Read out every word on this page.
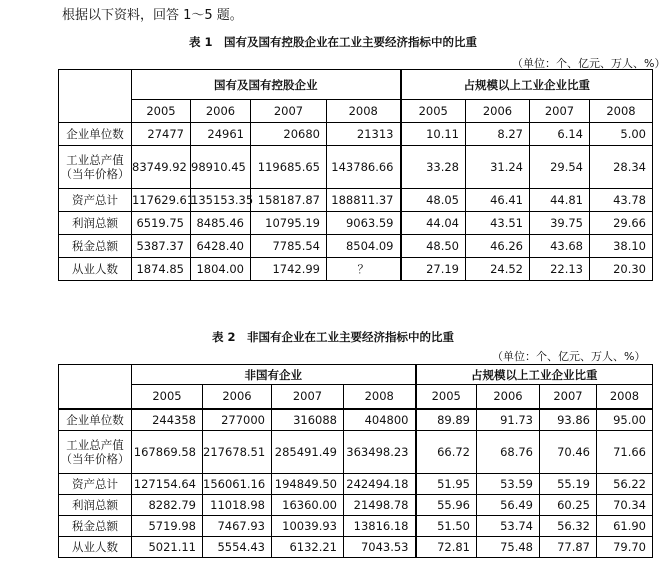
根据以下资料，回答 1～5 题。
表 1　国有及国有控股企业在工业主要经济指标中的比重
（单位：个、亿元、万人、%）
	国有及国有控股企业				占规模以上工业企业比重			
	2005	2006	2007	2008	2005	2006	2007	2008
企业单位数	27477	24961	20680	21313	10.11	8.27	6.14	5.00
工业总产值
（当年价格）	83749.92	98910.45	119685.65	143786.66	33.28	31.24	29.54	28.34
资产总计	117629.61	135153.35	158187.87	188811.37	48.05	46.41	44.81	43.78
利润总额	6519.75	8485.46	10795.19	9063.59	44.04	43.51	39.75	29.66
税金总额	5387.37	6428.40	7785.54	8504.09	48.50	46.26	43.68	38.10
从业人数	1874.85	1804.00	1742.99	？	27.19	24.52	22.13	20.30
表 2　非国有企业在工业主要经济指标中的比重
（单位：个、亿元、万人、%）
	非国有企业				占规模以上工业企业比重			
	2005	2006	2007	2008	2005	2006	2007	2008
企业单位数	244358	277000	316088	404800	89.89	91.73	93.86	95.00
工业总产值
（当年价格）	167869.58	217678.51	285491.49	363498.23	66.72	68.76	70.46	71.66
资产总计	127154.64	156061.16	194849.50	242494.18	51.95	53.59	55.19	56.22
利润总额	8282.79	11018.98	16360.00	21498.78	55.96	56.49	60.25	70.34
税金总额	5719.98	7467.93	10039.93	13816.18	51.50	53.74	56.32	61.90
从业人数	5021.11	5554.43	6132.21	7043.53	72.81	75.48	77.87	79.70
